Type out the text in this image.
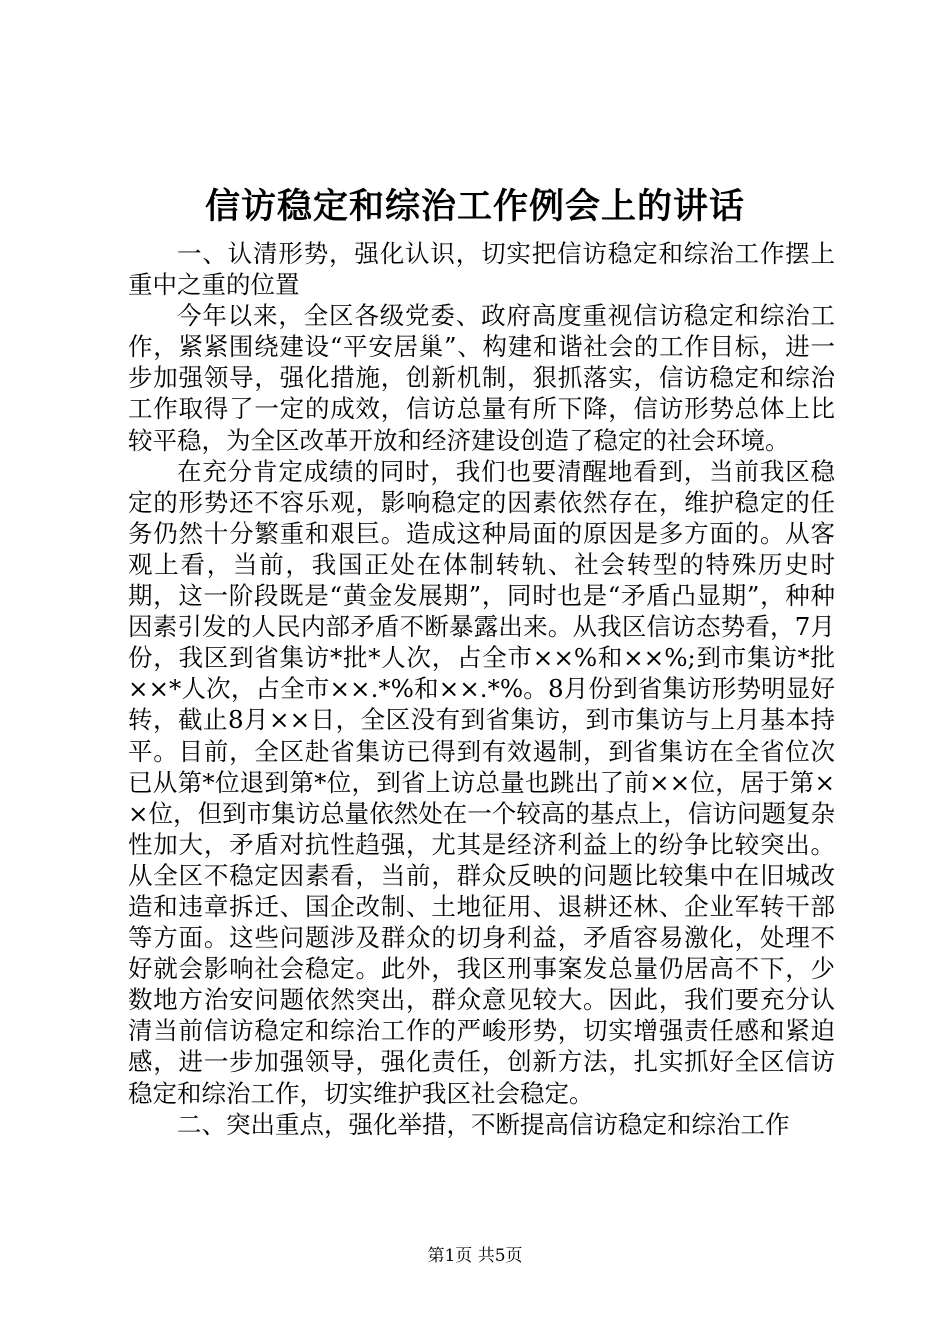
信访稳定和综治工作例会上的讲话

一、认清形势，强化认识，切实把信访稳定和综治工作摆上重中之重的位置

今年以来，全区各级党委、政府高度重视信访稳定和综治工作，紧紧围绕建设“平安居巢”、构建和谐社会的工作目标，进一步加强领导，强化措施，创新机制，狠抓落实，信访稳定和综治工作取得了一定的成效，信访总量有所下降，信访形势总体上比较平稳，为全区改革开放和经济建设创造了稳定的社会环境。

在充分肯定成绩的同时，我们也要清醒地看到，当前我区稳定的形势还不容乐观，影响稳定的因素依然存在，维护稳定的任务仍然十分繁重和艰巨。造成这种局面的原因是多方面的。从客观上看，当前，我国正处在体制转轨、社会转型的特殊历史时期，这一阶段既是“黄金发展期”，同时也是“矛盾凸显期”，种种因素引发的人民内部矛盾不断暴露出来。从我区信访态势看，7月份，我区到省集访*批*人次，占全市××%和××%;到市集访*批××*人次，占全市××.*%和××.*%。8月份到省集访形势明显好转，截止8月××日，全区没有到省集访，到市集访与上月基本持平。目前，全区赴省集访已得到有效遏制，到省集访在全省位次已从第*位退到第*位，到省上访总量也跳出了前××位，居于第××位，但到市集访总量依然处在一个较高的基点上，信访问题复杂性加大，矛盾对抗性趋强，尤其是经济利益上的纷争比较突出。从全区不稳定因素看，当前，群众反映的问题比较集中在旧城改造和违章拆迁、国企改制、土地征用、退耕还林、企业军转干部等方面。这些问题涉及群众的切身利益，矛盾容易激化，处理不好就会影响社会稳定。此外，我区刑事案发总量仍居高不下，少数地方治安问题依然突出，群众意见较大。因此，我们要充分认清当前信访稳定和综治工作的严峻形势，切实增强责任感和紧迫感，进一步加强领导，强化责任，创新方法，扎实抓好全区信访稳定和综治工作，切实维护我区社会稳定。

二、突出重点，强化举措，不断提高信访稳定和综治工作

第1页 共5页
